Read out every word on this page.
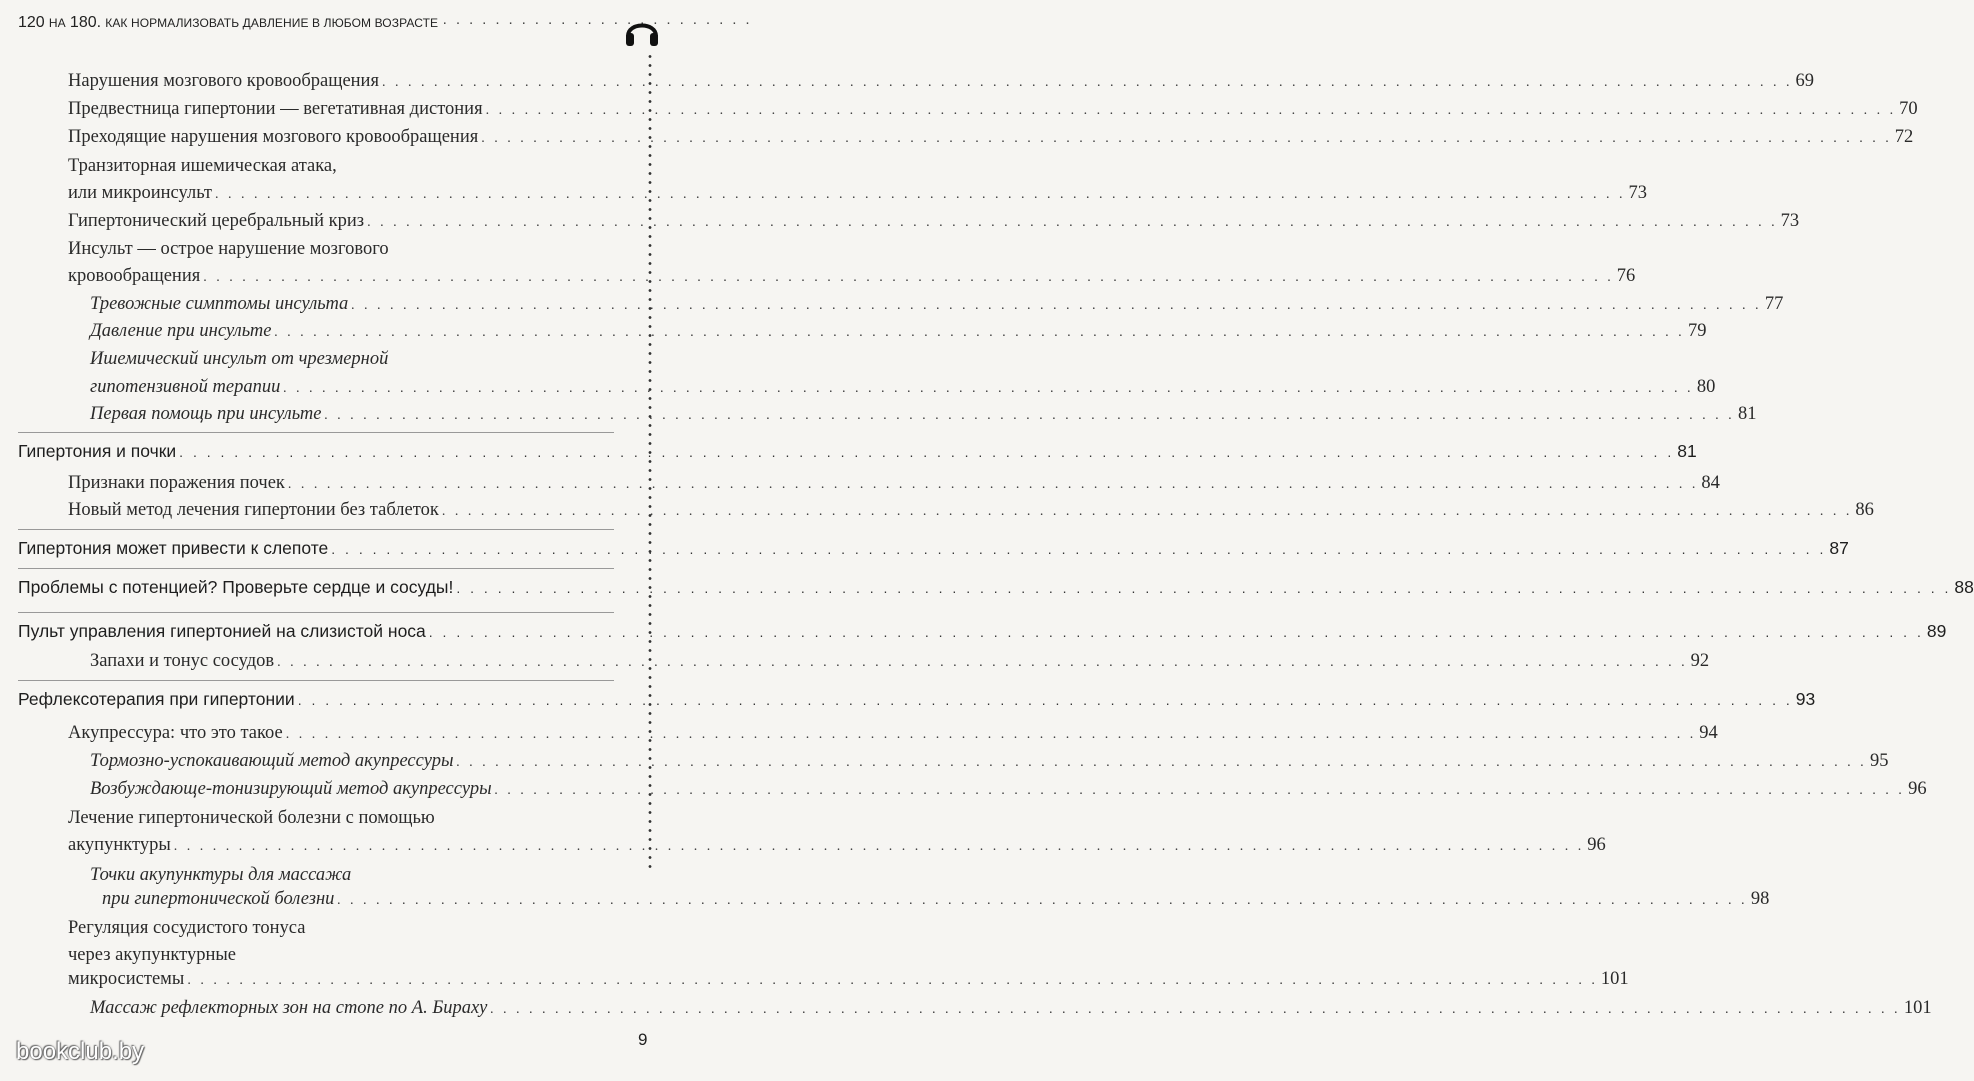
120 НА 180. КАК НОРМАЛИЗОВАТЬ ДАВЛЕНИЕ В ЛЮБОМ ВОЗРАСТЕ · · · · · · · · · · · · · · · · · · · · · · · ·
Нарушения мозгового кровообращения . . .	69
Предвестница гипертонии — вегетативная дистония . . .	70
Преходящие нарушения мозгового кровообращения . . .	72
Транзиторная ишемическая атака,
или микроинсульт . . .	73
Гипертонический церебральный криз . . .	73
Инсульт — острое нарушение мозгового
кровообращения . . .	76
Тревожные симптомы инсульта . . .	77
Давление при инсульте . . .	79
Ишемический инсульт от чрезмерной
гипотензивной терапии . . .	80
Первая помощь при инсульте . . .	81
Гипертония и почки . . .	81
Признаки поражения почек . . .	84
Новый метод лечения гипертонии без таблеток . . .	86
Гипертония может привести к слепоте . . .	87
Проблемы с потенцией? Проверьте сердце и сосуды! . . .	88
Пульт управления гипертонией на слизистой носа . . .	89
Запахи и тонус сосудов . . .	92
Рефлексотерапия при гипертонии . . .	93
Акупрессура: что это такое . . .	94
Тормозно-успокаивающий метод акупрессуры . . .	95
Возбуждающе-тонизирующий метод акупрессуры . . .	96
Лечение гипертонической болезни с помощью
акупунктуры . . .	96
Точки акупунктуры для массажа
при гипертонической болезни . . .	98
Регуляция сосудистого тонуса
через акупунктурные
микросистемы . . .	101
Массаж рефлекторных зон на стопе по А. Бираху . . .	101
9
bookclub.by
